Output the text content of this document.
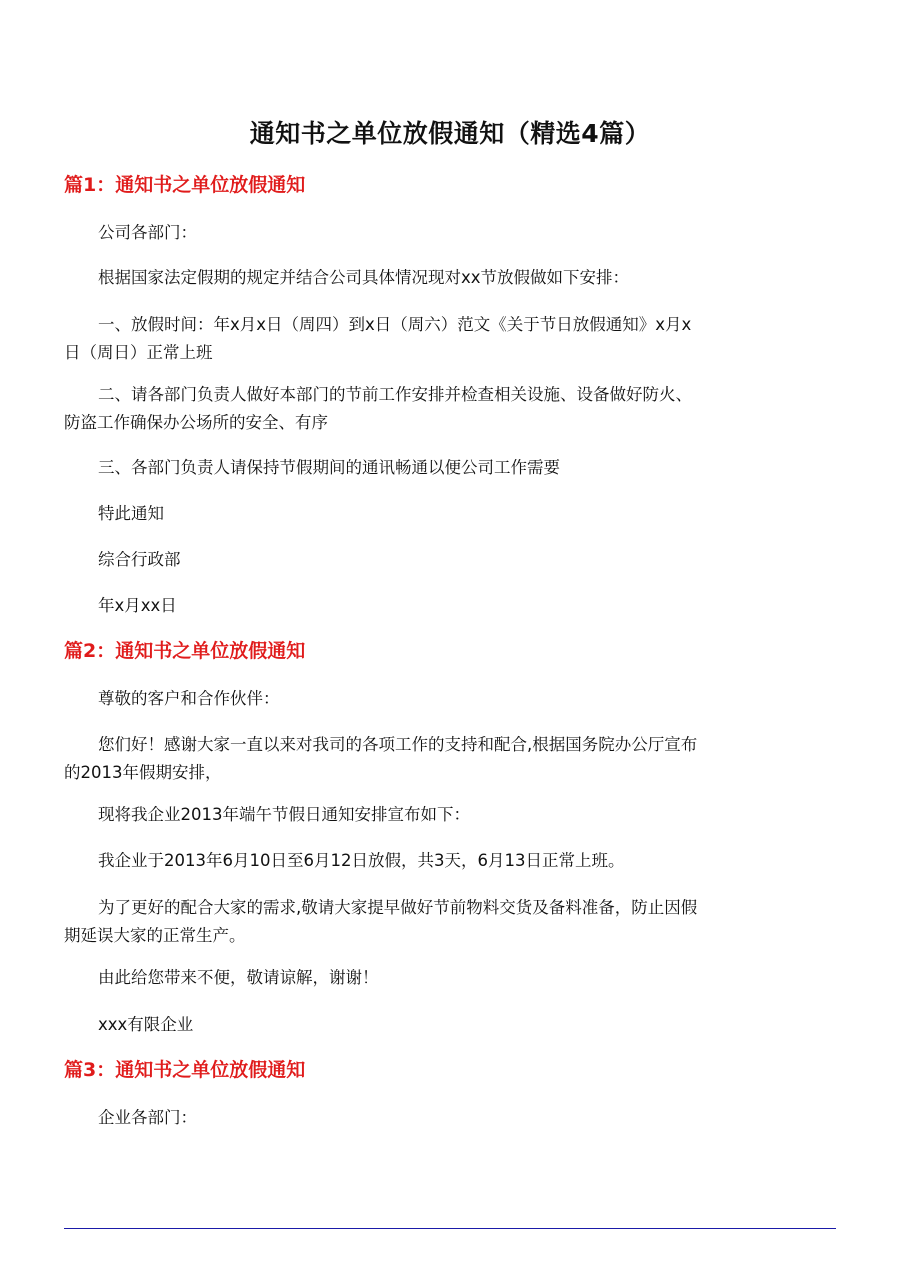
通知书之单位放假通知（精选4篇）
篇1：通知书之单位放假通知

公司各部门：

根据国家法定假期的规定并结合公司具体情况现对xx节放假做如下安排：

一、放假时间：年x月x日（周四）到x日（周六）范文《关于节日放假通知》x月x日（周日）正常上班

二、请各部门负责人做好本部门的节前工作安排并检查相关设施、设备做好防火、防盗工作确保办公场所的安全、有序

三、各部门负责人请保持节假期间的通讯畅通以便公司工作需要

特此通知

综合行政部

年x月xx日

篇2：通知书之单位放假通知

尊敬的客户和合作伙伴：

您们好！感谢大家一直以来对我司的各项工作的支持和配合,根据国务院办公厅宣布的2013年假期安排，

现将我企业2013年端午节假日通知安排宣布如下：

我企业于2013年6月10日至6月12日放假，共3天，6月13日正常上班。

为了更好的配合大家的需求,敬请大家提早做好节前物料交货及备料准备，防止因假期延误大家的正常生产。

由此给您带来不便，敬请谅解，谢谢！

xxx有限企业

篇3：通知书之单位放假通知

企业各部门：
